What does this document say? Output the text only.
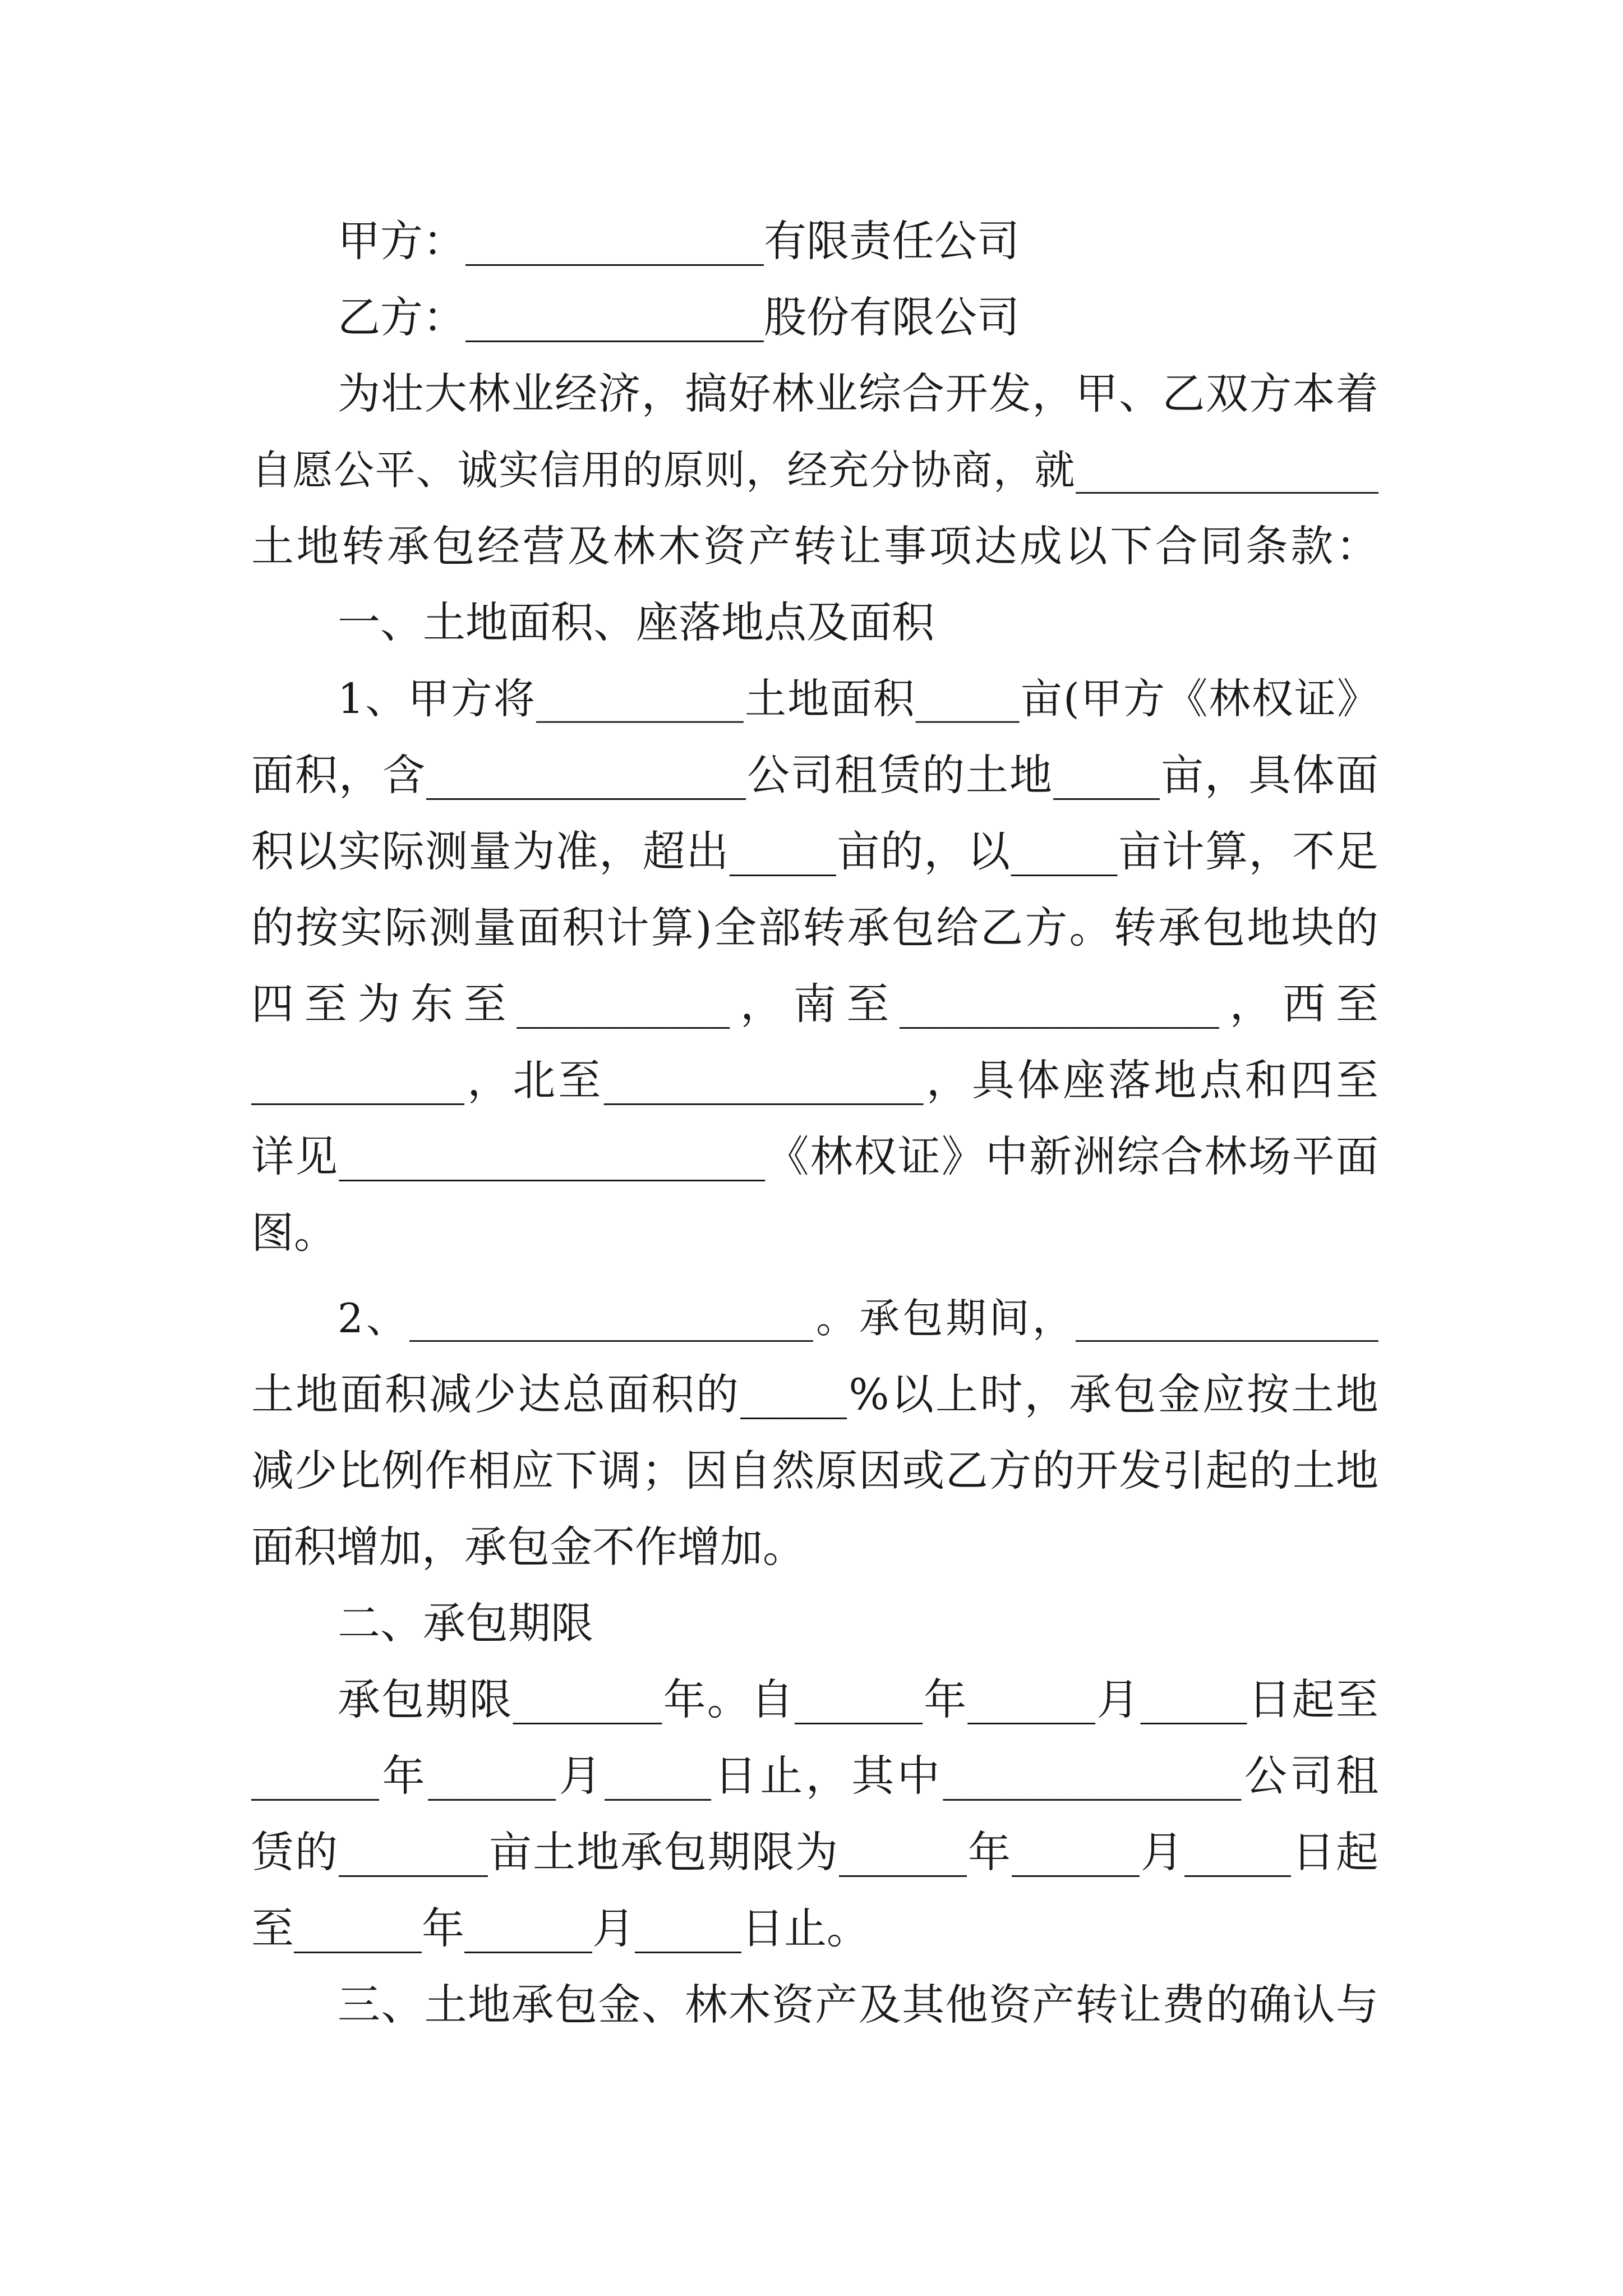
甲方：______________有限责任公司
乙方：______________股份有限公司
为 壮 大 林 业 经 济 ， 搞 好 林 业 综 合 开 发 ， 甲 、 乙 双 方 本 着
自 愿 公 平 、 诚 实 信 用 的 原 则 ， 经 充 分 协 商 ， 就 _______________
土 地 转 承 包 经 营 及 林 木 资 产 转 让 事 项 达 成 以 下 合 同 条 款 ：
一、土地面积、座落地点及面积
1 、 甲 方 将 __________ 土 地 面 积 _____ 亩 ( 甲 方 《 林 权 证 》
面 积 ， 含 _______________ 公 司 租 赁 的 土 地 _____ 亩 ， 具 体 面
积 以 实 际 测 量 为 准 ， 超 出 _____ 亩 的 ， 以 _____ 亩 计 算 ， 不 足
的 按 实 际 测 量 面 积 计 算 ) 全 部 转 承 包 给 乙 方 。 转 承 包 地 块 的
四 至 为 东 至 __________ ， 南 至 _______________ ， 西 至
__________ ， 北 至 _______________ ， 具 体 座 落 地 点 和 四 至
详 见 ____________________ 《 林 权 证 》 中 新 洲 综 合 林 场 平 面
图。
2 、 ____________________ 。 承 包 期 间 ， _______________
土 地 面 积 减 少 达 总 面 积 的 _____ % 以 上 时 ， 承 包 金 应 按 土 地
减 少 比 例 作 相 应 下 调 ； 因 自 然 原 因 或 乙 方 的 开 发 引 起 的 土 地
面积增加，承包金不作增加。
二、承包期限
承 包 期 限 _______ 年 。 自 ______ 年 ______ 月 _____ 日 起 至
______ 年 ______ 月 _____ 日 止 ， 其 中 ______________ 公 司 租
赁 的 _______ 亩 土 地 承 包 期 限 为 ______ 年 ______ 月 _____ 日 起
至______年______月_____日止。
三 、 土 地 承 包 金 、 林 木 资 产 及 其 他 资 产 转 让 费 的 确 认 与
